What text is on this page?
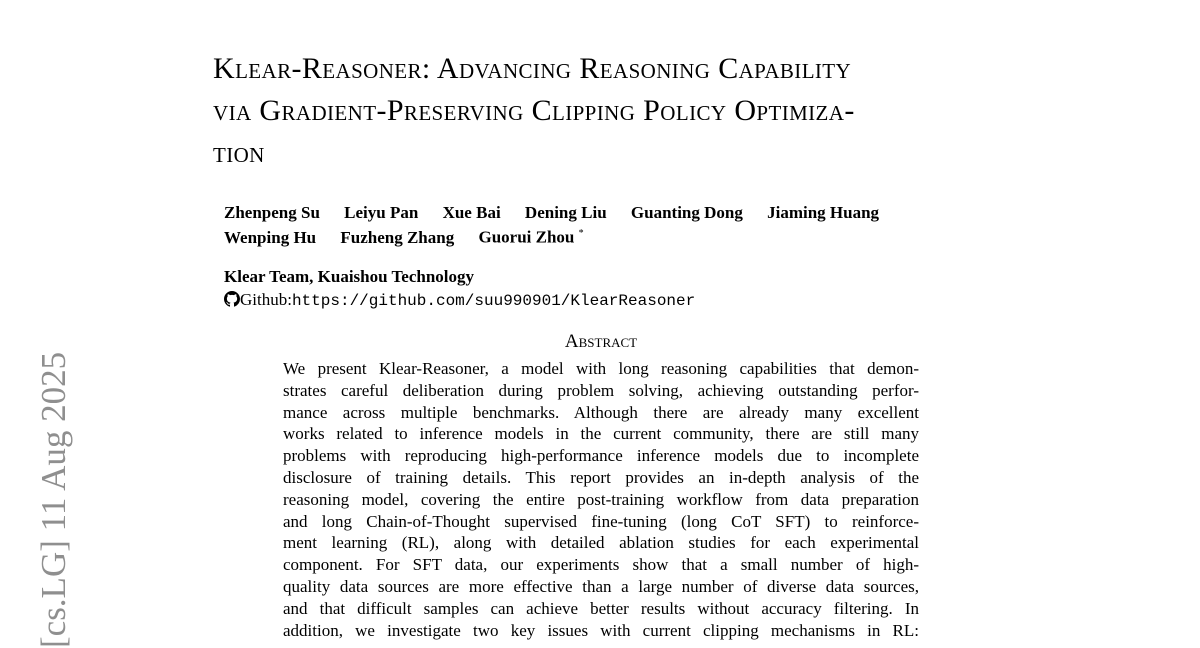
[cs.LG] 11 Aug 2025
Klear-Reasoner: Advancing Reasoning Capability
via Gradient-Preserving Clipping Policy Optimiza-
tion
Zhenpeng Su Leiyu Pan Xue Bai Dening Liu Guanting Dong Jiaming Huang
Wenping Hu Fuzheng Zhang Guorui Zhou *
Klear Team, Kuaishou Technology
Github:https://github.com/suu990901/KlearReasoner
Abstract
We present Klear-Reasoner, a model with long reasoning capabilities that demon-
strates careful deliberation during problem solving, achieving outstanding perfor-
mance across multiple benchmarks. Although there are already many excellent
works related to inference models in the current community, there are still many
problems with reproducing high-performance inference models due to incomplete
disclosure of training details. This report provides an in-depth analysis of the
reasoning model, covering the entire post-training workflow from data preparation
and long Chain-of-Thought supervised fine-tuning (long CoT SFT) to reinforce-
ment learning (RL), along with detailed ablation studies for each experimental
component. For SFT data, our experiments show that a small number of high-
quality data sources are more effective than a large number of diverse data sources,
and that difficult samples can achieve better results without accuracy filtering. In
addition, we investigate two key issues with current clipping mechanisms in RL:
